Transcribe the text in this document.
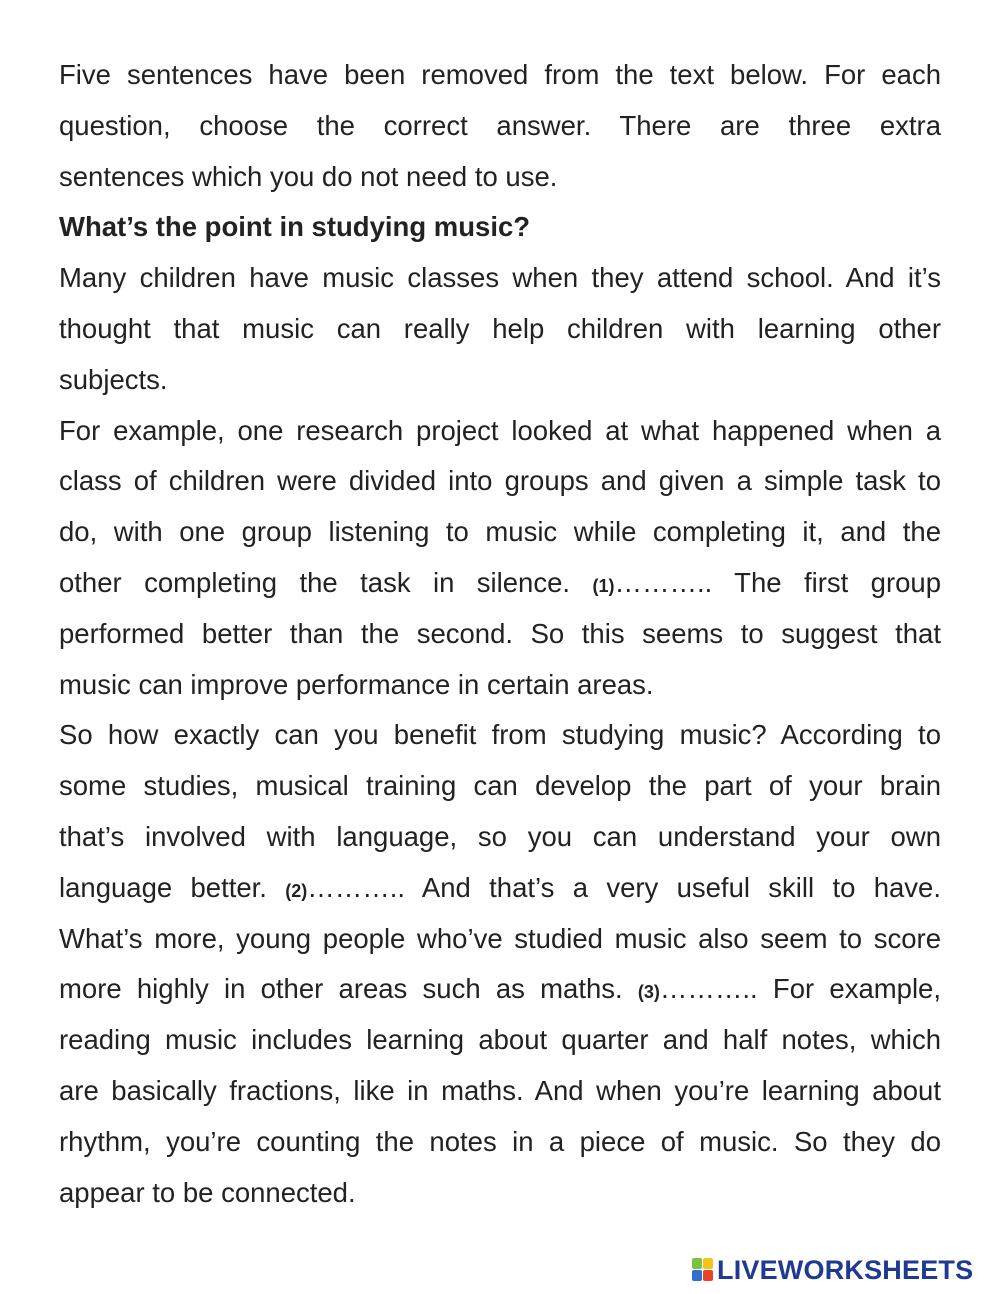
Five sentences have been removed from the text below. For each
question, choose the correct answer. There are three extra
sentences which you do not need to use.
What’s the point in studying music?
Many children have music classes when they attend school. And it’s
thought that music can really help children with learning other
subjects.
For example, one research project looked at what happened when a
class of children were divided into groups and given a simple task to
do, with one group listening to music while completing it, and the
other completing the task in silence. (1)……….. The first group
performed better than the second. So this seems to suggest that
music can improve performance in certain areas.
So how exactly can you benefit from studying music? According to
some studies, musical training can develop the part of your brain
that’s involved with language, so you can understand your own
language better. (2)……….. And that’s a very useful skill to have.
What’s more, young people who’ve studied music also seem to score
more highly in other areas such as maths. (3)……….. For example,
reading music includes learning about quarter and half notes, which
are basically fractions, like in maths. And when you’re learning about
rhythm, you’re counting the notes in a piece of music. So they do
appear to be connected.
LIVEWORKSHEETS
